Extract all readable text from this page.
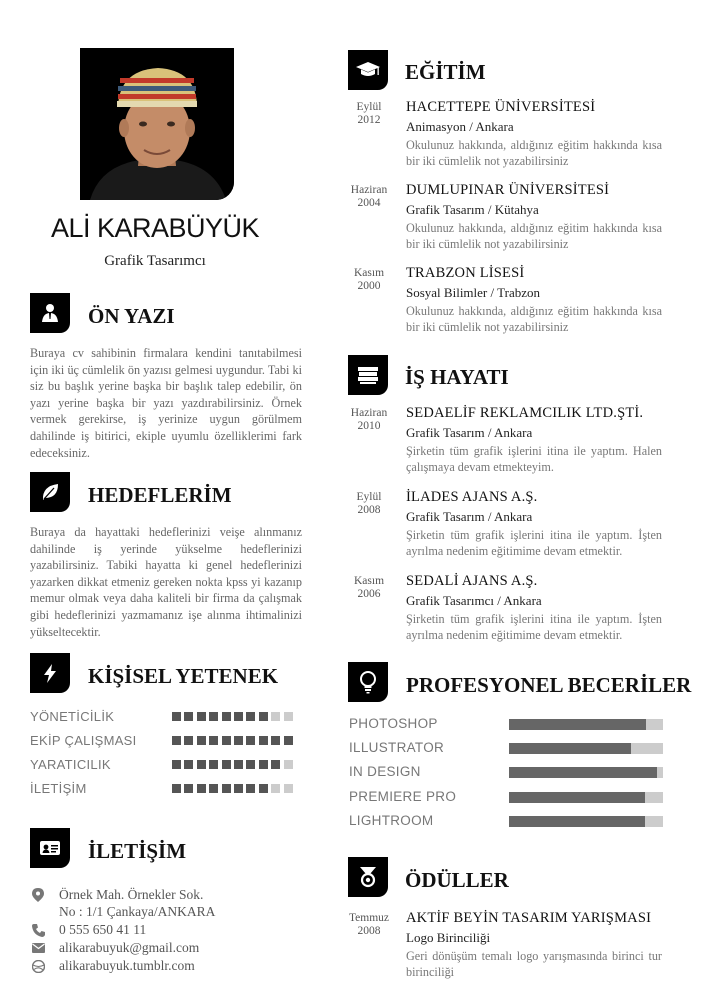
ALİ KARABÜYÜK
Grafik Tasarımcı
ÖN YAZI
Buraya cv sahibinin firmalara kendini tanıtabilmesi için iki üç cümlelik ön yazısı gelmesi uygundur. Tabi ki siz bu başlık yerine başka bir başlık talep edebilir, ön yazı yerine başka bir yazı yazdırabilirsiniz. Örnek vermek gerekirse, iş yerinize uygun görülmem dahilinde iş bitirici, ekiple uyumlu özelliklerimi fark edeceksiniz.
HEDEFLERİM
Buraya da hayattaki hedeflerinizi veişe alınmanız dahilinde iş yerinde yükselme hedeflerinizi yazabilirsiniz. Tabiki hayatta ki genel hedeflerinizi yazarken dikkat etmeniz gereken nokta kpss yi kazanıp memur olmak veya daha kaliteli bir firma da çalışmak gibi hedeflerinizi yazmamanız işe alınma ihtimalinizi yükseltecektir.
KİŞİSEL YETENEK
YÖNETİCİLİK
EKİP ÇALIŞMASI
YARATICILIK
İLETİŞİM
İLETİŞİM
Örnek Mah. Örnekler Sok.
No : 1/1 Çankaya/ANKARA
0 555 650 41 11
alikarabuyuk@gmail.com
alikarabuyuk.tumblr.com
EĞİTİM
Eylül
2012
HACETTEPE ÜNİVERSİTESİ
Animasyon / Ankara
Okulunuz hakkında, aldığınız eğitim hakkında kısa bir iki cümlelik not yazabilirsiniz
Haziran
2004
DUMLUPINAR ÜNİVERSİTESİ
Grafik Tasarım / Kütahya
Okulunuz hakkında, aldığınız eğitim hakkında kısa bir iki cümlelik not yazabilirsiniz
Kasım
2000
TRABZON LİSESİ
Sosyal Bilimler / Trabzon
Okulunuz hakkında, aldığınız eğitim hakkında kısa bir iki cümlelik not yazabilirsiniz
İŞ HAYATI
Haziran
2010
SEDAELİF REKLAMCILIK LTD.ŞTİ.
Grafik Tasarım / Ankara
Şirketin tüm grafik işlerini itina ile yaptım. Halen çalışmaya devam etmekteyim.
Eylül
2008
İLADES AJANS A.Ş.
Grafik Tasarım / Ankara
Şirketin tüm grafik işlerini itina ile yaptım. İşten ayrılma nedenim eğitimime devam etmektir.
Kasım
2006
SEDALİ AJANS A.Ş.
Grafik Tasarımcı / Ankara
Şirketin tüm grafik işlerini itina ile yaptım. İşten ayrılma nedenim eğitimime devam etmektir.
PROFESYONEL BECERİLER
PHOTOSHOP
ILLUSTRATOR
IN DESIGN
PREMIERE PRO
LIGHTROOM
ÖDÜLLER
Temmuz
2008
AKTİF BEYİN TASARIM YARIŞMASI
Logo Birinciliği
Geri dönüşüm temalı logo yarışmasında birinci tur birinciliği
